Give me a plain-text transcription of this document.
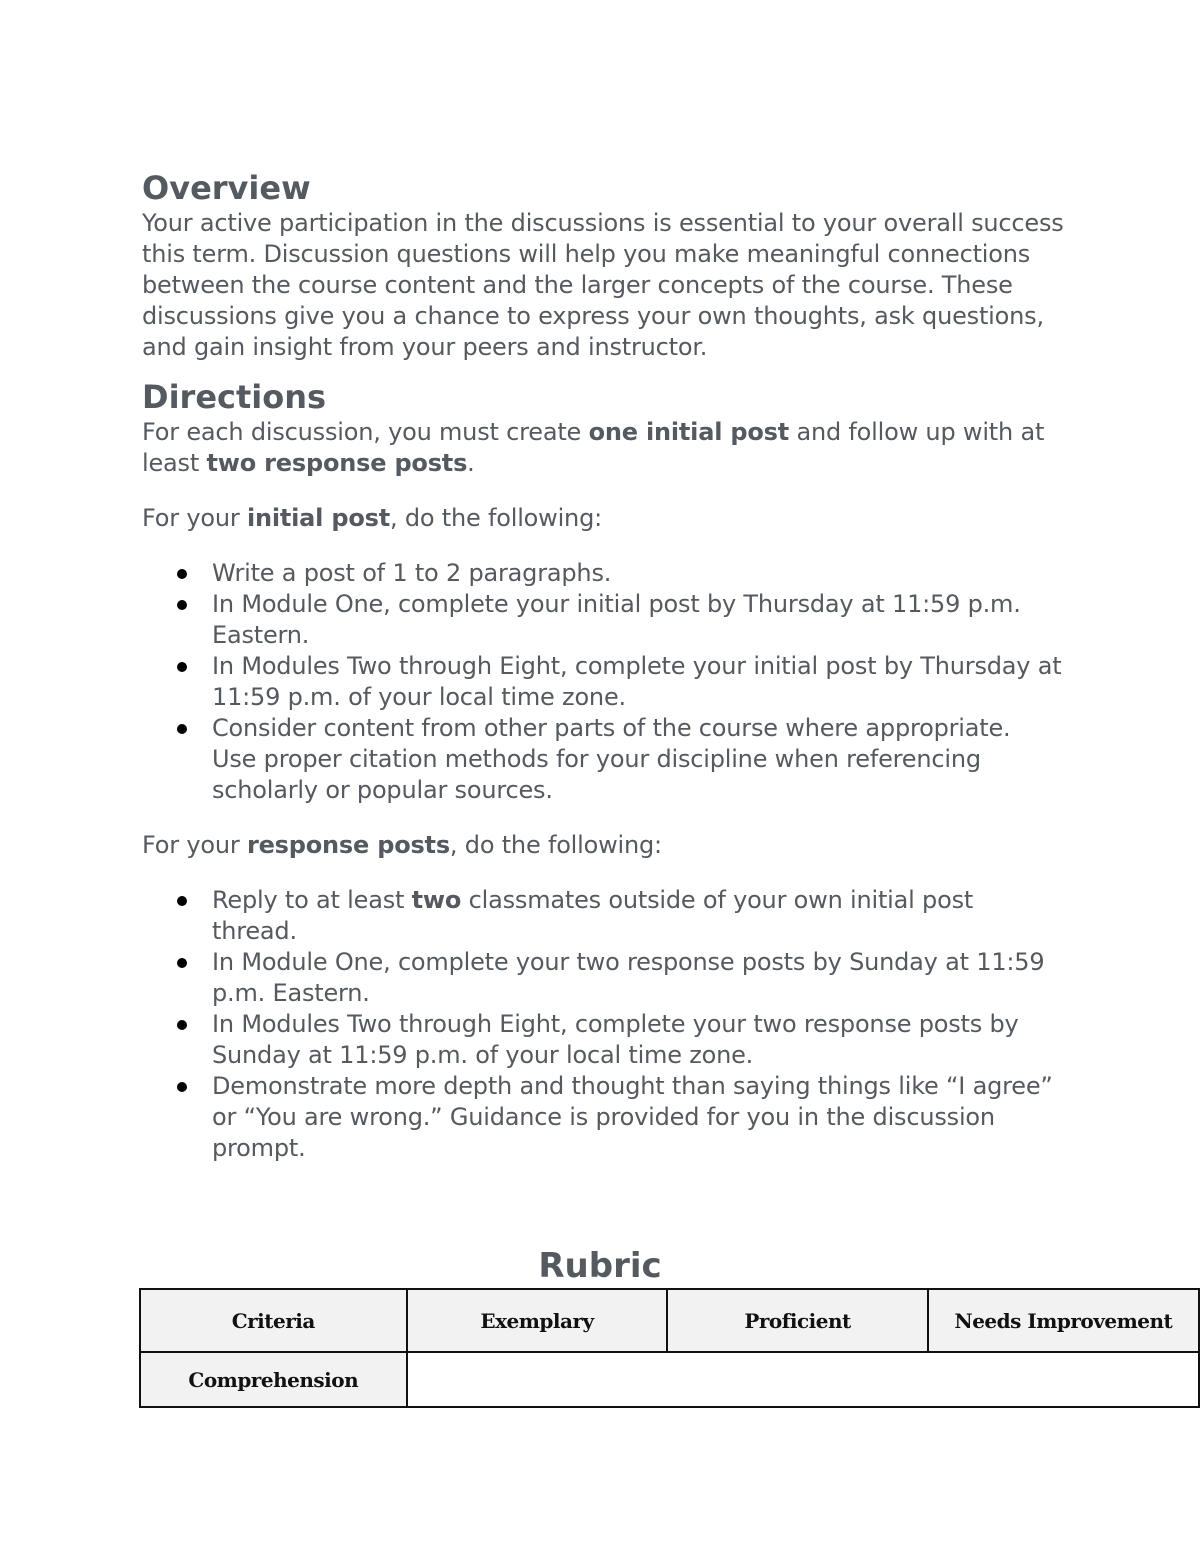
Overview

Your active participation in the discussions is essential to your overall success this term. Discussion questions will help you make meaningful connections between the course content and the larger concepts of the course. These discussions give you a chance to express your own thoughts, ask questions, and gain insight from your peers and instructor.

Directions

For each discussion, you must create one initial post and follow up with at least two response posts.

For your initial post, do the following:

Write a post of 1 to 2 paragraphs.
In Module One, complete your initial post by Thursday at 11:59 p.m. Eastern.
In Modules Two through Eight, complete your initial post by Thursday at 11:59 p.m. of your local time zone.
Consider content from other parts of the course where appropriate. Use proper citation methods for your discipline when referencing scholarly or popular sources.

For your response posts, do the following:

Reply to at least two classmates outside of your own initial post thread.
In Module One, complete your two response posts by Sunday at 11:59 p.m. Eastern.
In Modules Two through Eight, complete your two response posts by Sunday at 11:59 p.m. of your local time zone.
Demonstrate more depth and thought than saying things like “I agree” or “You are wrong.” Guidance is provided for you in the discussion prompt.
Rubric
Criteria	Exemplary	Proficient	Needs Improvement
Comprehension			
